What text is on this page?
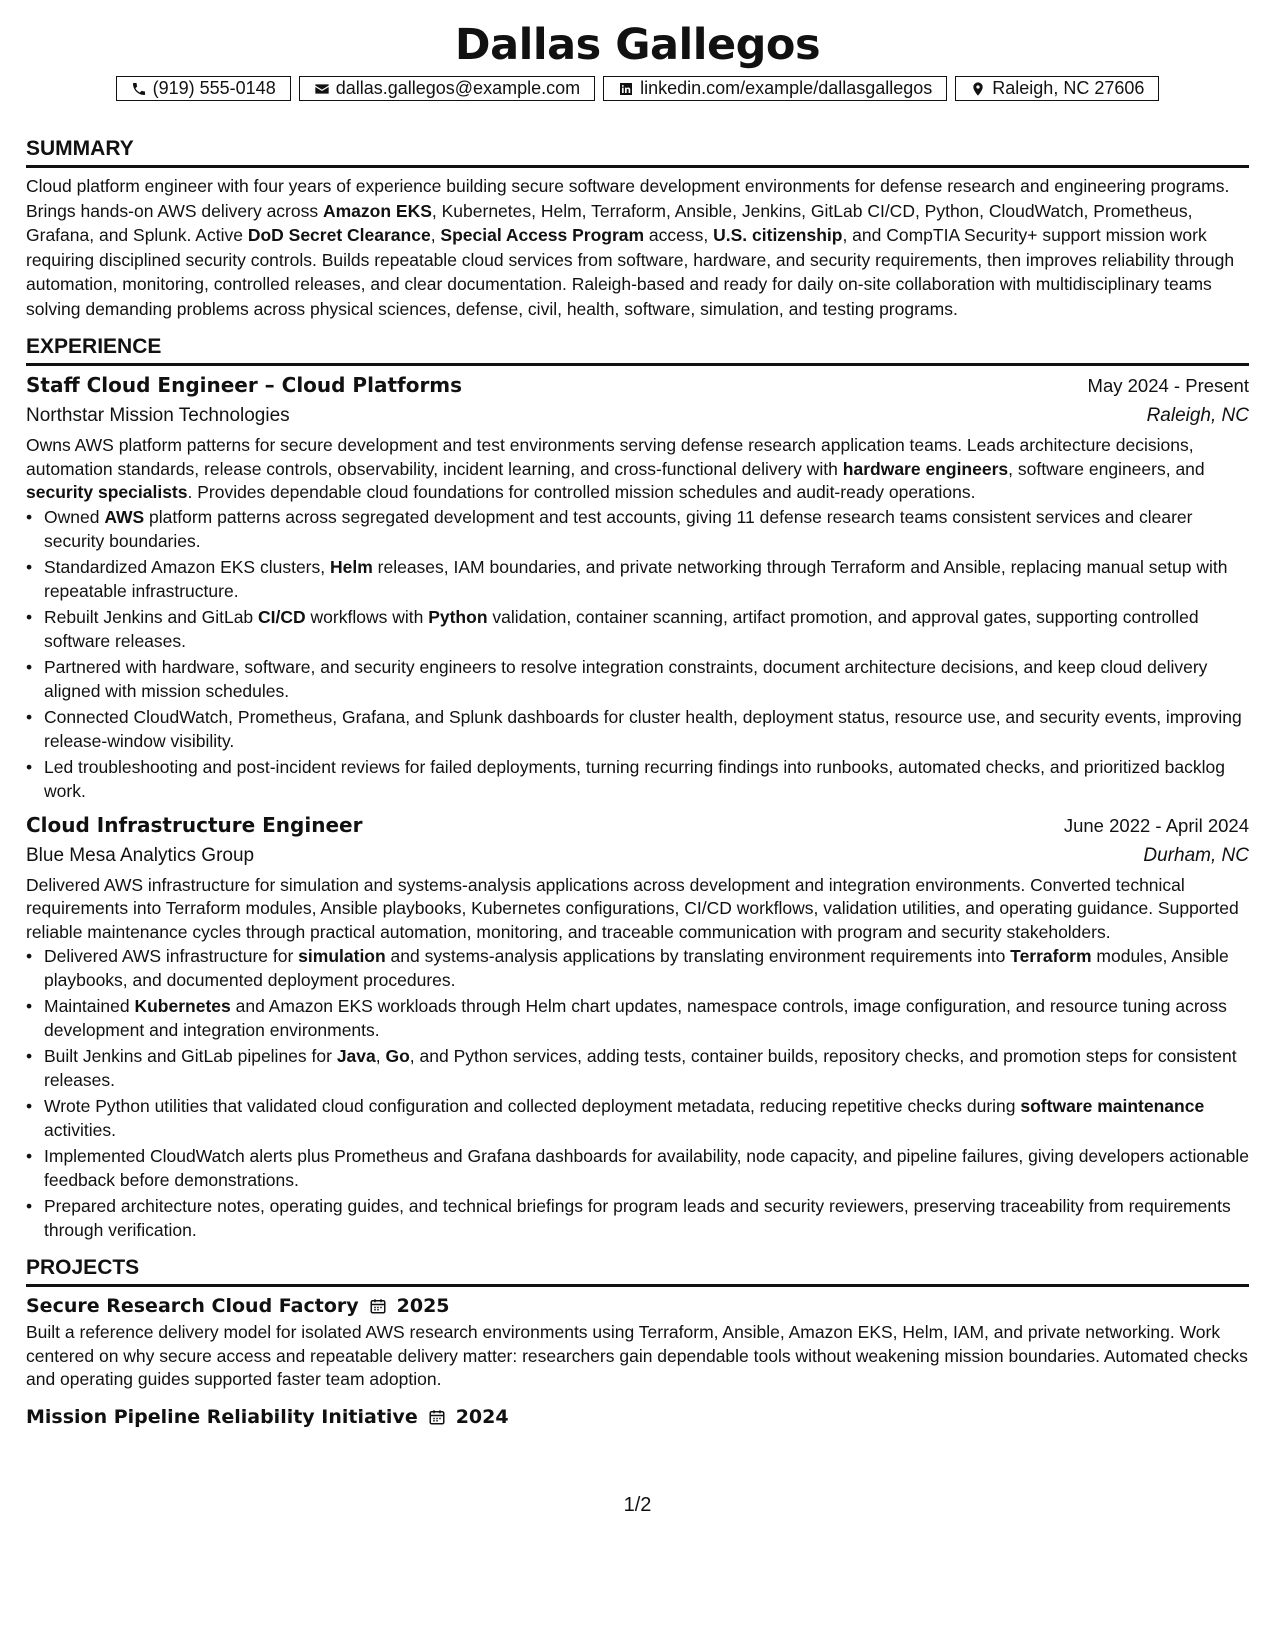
Dallas Gallegos
(919) 555-0148	dallas.gallegos@example.com	linkedin.com/example/dallasgallegos	Raleigh, NC 27606
SUMMARY
Cloud platform engineer with four years of experience building secure software development environments for defense research and engineering programs. Brings hands-on AWS delivery across Amazon EKS, Kubernetes, Helm, Terraform, Ansible, Jenkins, GitLab CI/CD, Python, CloudWatch, Prometheus, Grafana, and Splunk. Active DoD Secret Clearance, Special Access Program access, U.S. citizenship, and CompTIA Security+ support mission work requiring disciplined security controls. Builds repeatable cloud services from software, hardware, and security requirements, then improves reliability through automation, monitoring, controlled releases, and clear documentation. Raleigh-based and ready for daily on-site collaboration with multidisciplinary teams solving demanding problems across physical sciences, defense, civil, health, software, simulation, and testing programs.
EXPERIENCE
Staff Cloud Engineer – Cloud Platforms	May 2024 - Present
Northstar Mission Technologies	Raleigh, NC
Owns AWS platform patterns for secure development and test environments serving defense research application teams. Leads architecture decisions, automation standards, release controls, observability, incident learning, and cross-functional delivery with hardware engineers, software engineers, and security specialists. Provides dependable cloud foundations for controlled mission schedules and audit-ready operations.
• Owned AWS platform patterns across segregated development and test accounts, giving 11 defense research teams consistent services and clearer security boundaries.
• Standardized Amazon EKS clusters, Helm releases, IAM boundaries, and private networking through Terraform and Ansible, replacing manual setup with repeatable infrastructure.
• Rebuilt Jenkins and GitLab CI/CD workflows with Python validation, container scanning, artifact promotion, and approval gates, supporting controlled software releases.
• Partnered with hardware, software, and security engineers to resolve integration constraints, document architecture decisions, and keep cloud delivery aligned with mission schedules.
• Connected CloudWatch, Prometheus, Grafana, and Splunk dashboards for cluster health, deployment status, resource use, and security events, improving release-window visibility.
• Led troubleshooting and post-incident reviews for failed deployments, turning recurring findings into runbooks, automated checks, and prioritized backlog work.
Cloud Infrastructure Engineer	June 2022 - April 2024
Blue Mesa Analytics Group	Durham, NC
Delivered AWS infrastructure for simulation and systems-analysis applications across development and integration environments. Converted technical requirements into Terraform modules, Ansible playbooks, Kubernetes configurations, CI/CD workflows, validation utilities, and operating guidance. Supported reliable maintenance cycles through practical automation, monitoring, and traceable communication with program and security stakeholders.
• Delivered AWS infrastructure for simulation and systems-analysis applications by translating environment requirements into Terraform modules, Ansible playbooks, and documented deployment procedures.
• Maintained Kubernetes and Amazon EKS workloads through Helm chart updates, namespace controls, image configuration, and resource tuning across development and integration environments.
• Built Jenkins and GitLab pipelines for Java, Go, and Python services, adding tests, container builds, repository checks, and promotion steps for consistent releases.
• Wrote Python utilities that validated cloud configuration and collected deployment metadata, reducing repetitive checks during software maintenance activities.
• Implemented CloudWatch alerts plus Prometheus and Grafana dashboards for availability, node capacity, and pipeline failures, giving developers actionable feedback before demonstrations.
• Prepared architecture notes, operating guides, and technical briefings for program leads and security reviewers, preserving traceability from requirements through verification.
PROJECTS
Secure Research Cloud Factory 2025
Built a reference delivery model for isolated AWS research environments using Terraform, Ansible, Amazon EKS, Helm, IAM, and private networking. Work centered on why secure access and repeatable delivery matter: researchers gain dependable tools without weakening mission boundaries. Automated checks and operating guides supported faster team adoption.
Mission Pipeline Reliability Initiative 2024
1/2
